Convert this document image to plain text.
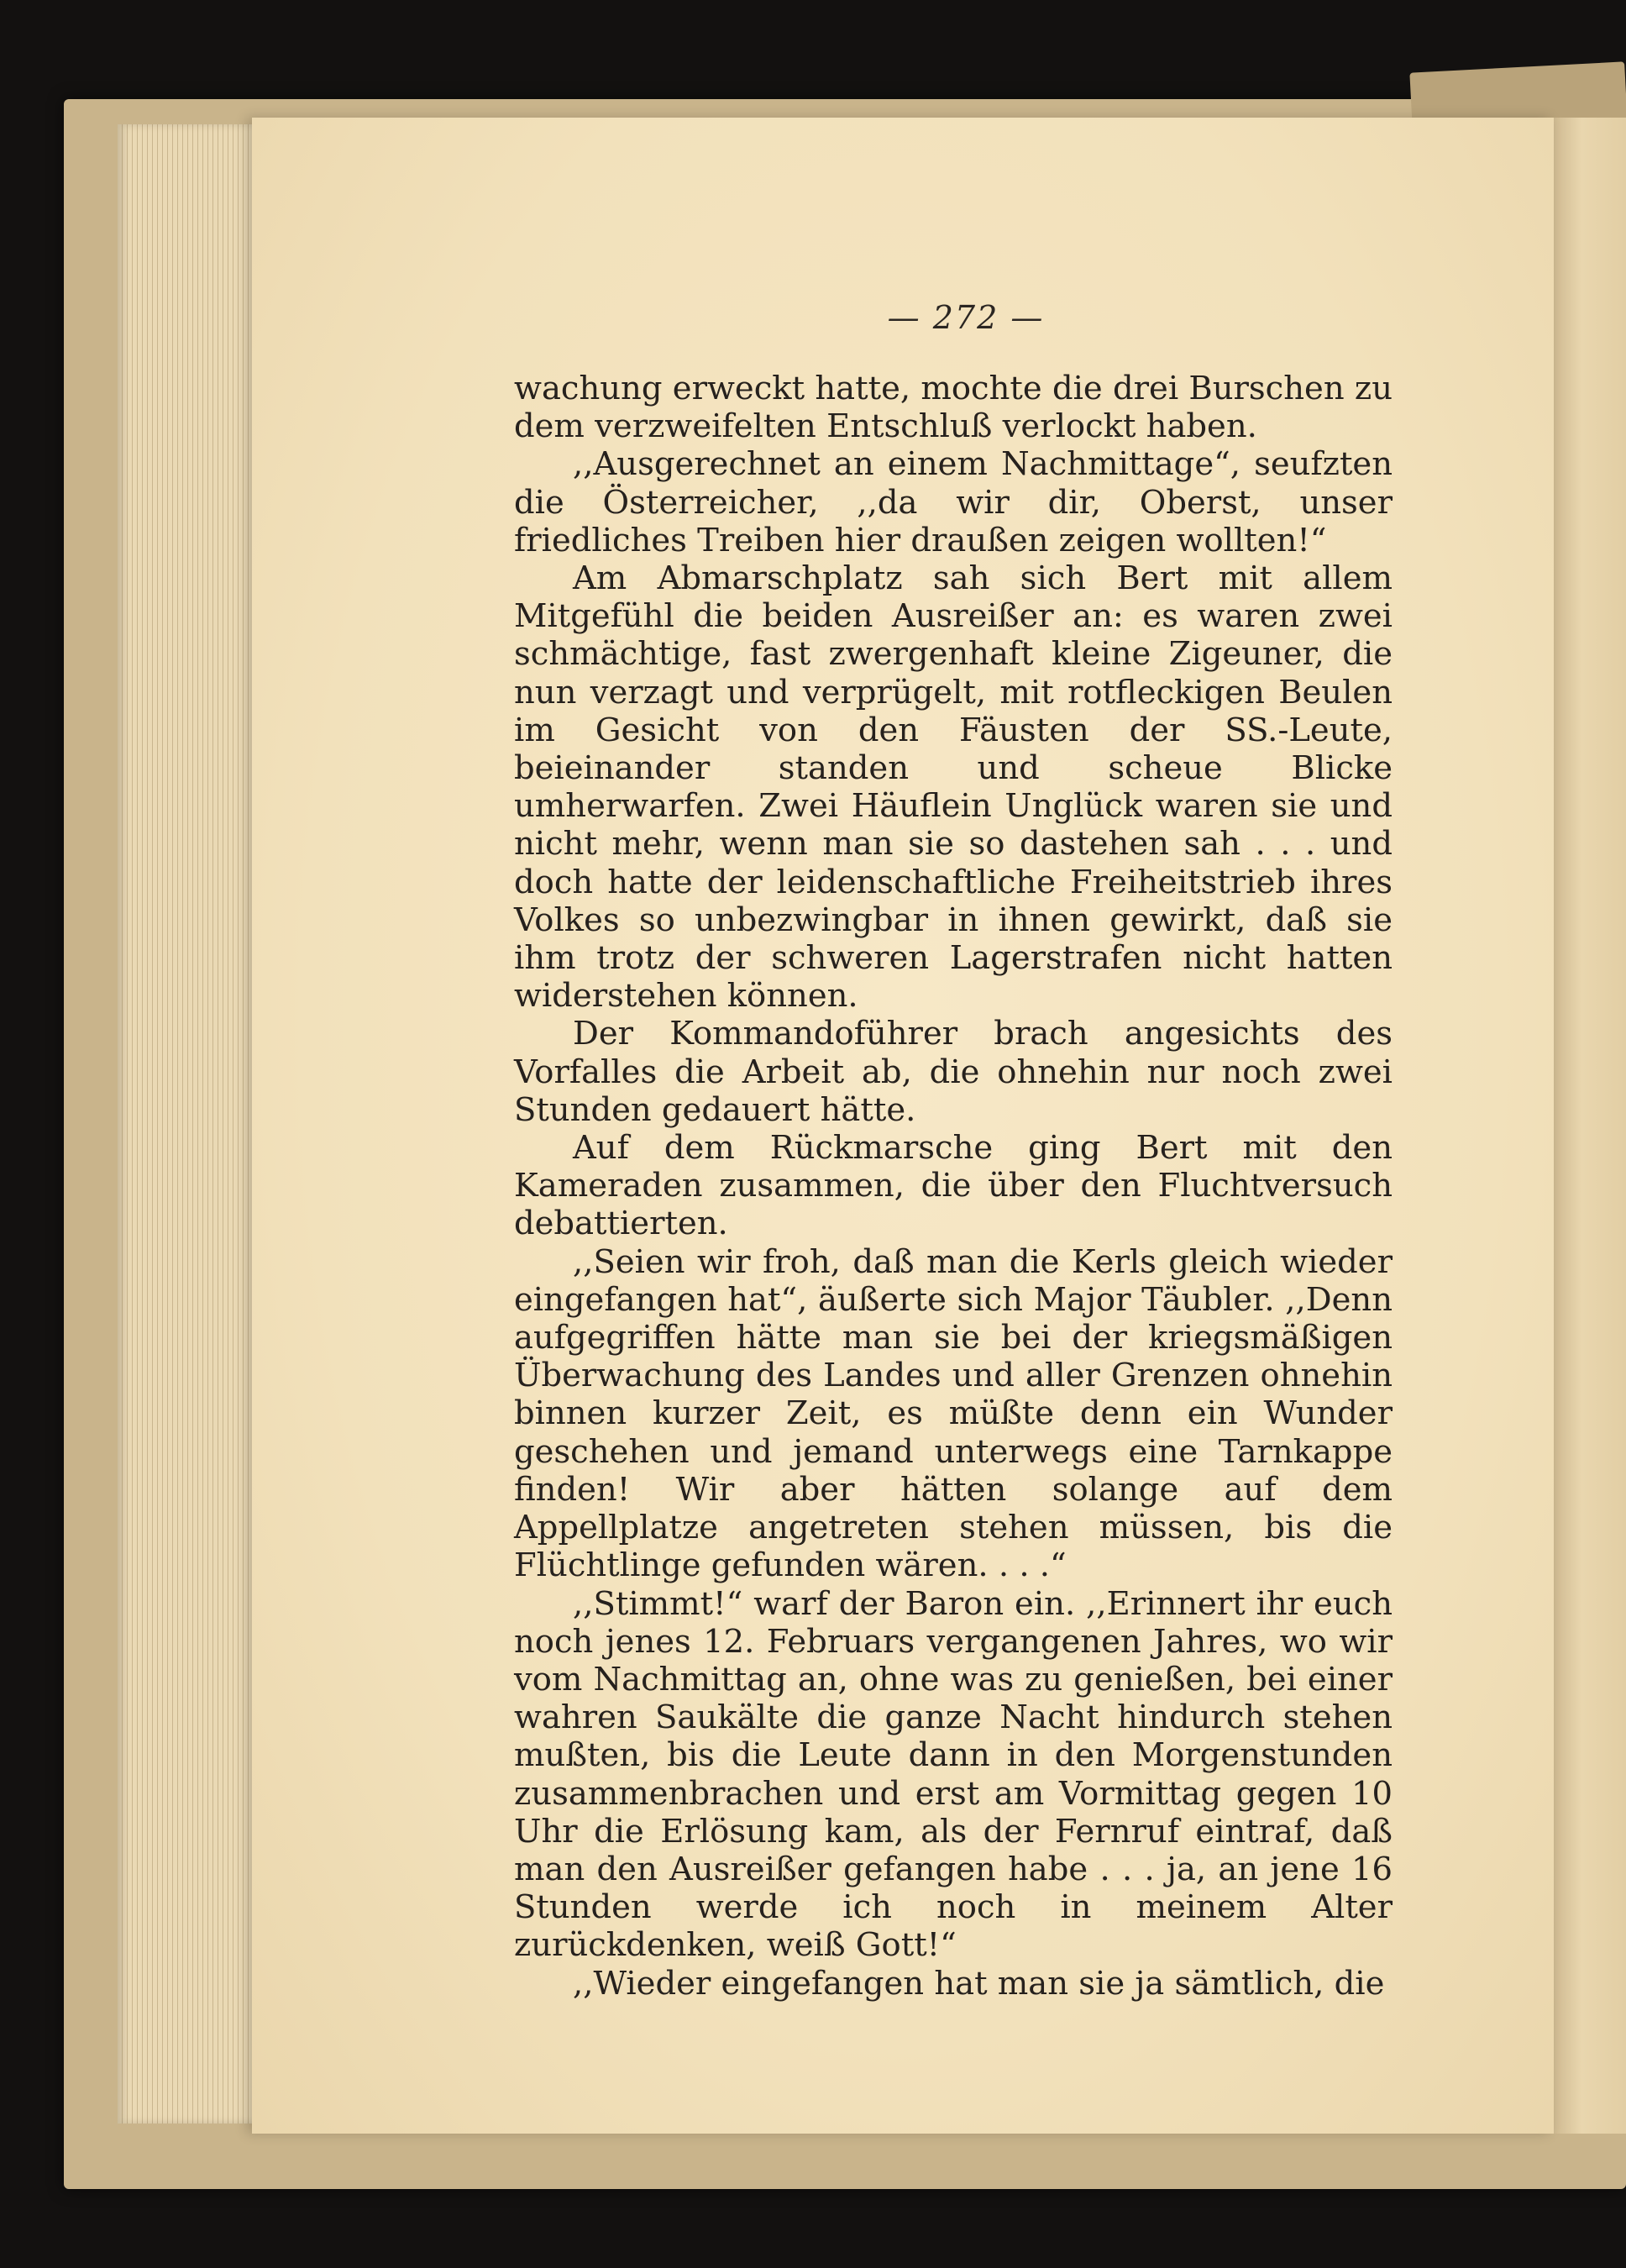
— 272 —

wachung erweckt hatte, mochte die drei Burschen zu dem verzweifelten Entschluß verlockt haben.

,,Ausgerechnet an einem Nachmittage“, seufzten die Österreicher, ,,da wir dir, Oberst, unser friedliches Treiben hier draußen zeigen wollten!“

Am Abmarschplatz sah sich Bert mit allem Mitgefühl die beiden Ausreißer an: es waren zwei schmächtige, fast zwergenhaft kleine Zigeuner, die nun verzagt und verprügelt, mit rotfleckigen Beulen im Gesicht von den Fäusten der SS.-Leute, beieinander standen und scheue Blicke umherwarfen. Zwei Häuflein Unglück waren sie und nicht mehr, wenn man sie so dastehen sah . . . und doch hatte der leidenschaftliche Freiheitstrieb ihres Volkes so unbezwingbar in ihnen gewirkt, daß sie ihm trotz der schweren Lagerstrafen nicht hatten widerstehen können.

Der Kommandoführer brach angesichts des Vorfalles die Arbeit ab, die ohnehin nur noch zwei Stunden gedauert hätte.

Auf dem Rückmarsche ging Bert mit den Kameraden zusammen, die über den Fluchtversuch debattierten.

,,Seien wir froh, daß man die Kerls gleich wieder eingefangen hat“, äußerte sich Major Täubler. ,,Denn aufgegriffen hätte man sie bei der kriegsmäßigen Überwachung des Landes und aller Grenzen ohnehin binnen kurzer Zeit, es müßte denn ein Wunder geschehen und jemand unterwegs eine Tarnkappe finden! Wir aber hätten solange auf dem Appellplatze angetreten stehen müssen, bis die Flüchtlinge gefunden wären. . . .“

,,Stimmt!“ warf der Baron ein. ,,Erinnert ihr euch noch jenes 12. Februars vergangenen Jahres, wo wir vom Nachmittag an, ohne was zu genießen, bei einer wahren Saukälte die ganze Nacht hindurch stehen mußten, bis die Leute dann in den Morgenstunden zusammenbrachen und erst am Vormittag gegen 10 Uhr die Erlösung kam, als der Fernruf eintraf, daß man den Ausreißer gefangen habe . . . ja, an jene 16 Stunden werde ich noch in meinem Alter zurückdenken, weiß Gott!“

,,Wieder eingefangen hat man sie ja sämtlich, die
